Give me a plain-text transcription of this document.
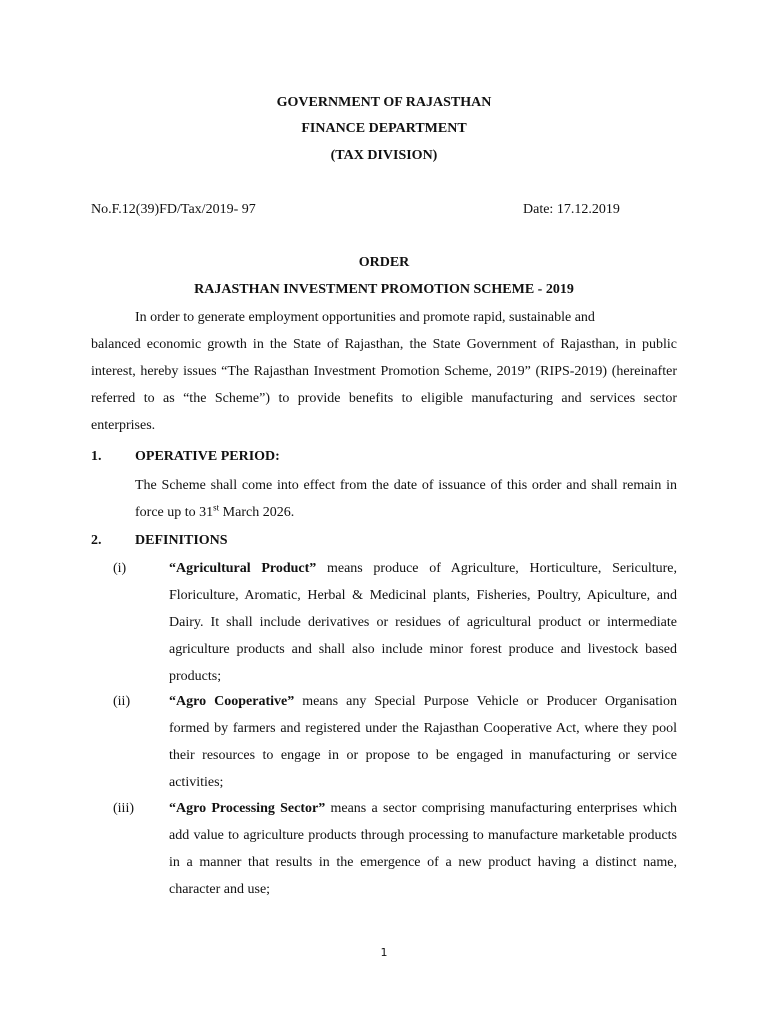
GOVERNMENT OF RAJASTHAN
FINANCE DEPARTMENT
(TAX DIVISION)
No.F.12(39)FD/Tax/2019- 97	Date: 17.12.2019
ORDER
RAJASTHAN INVESTMENT PROMOTION SCHEME - 2019

In order to generate employment opportunities and promote rapid, sustainable and
balanced economic growth in the State of Rajasthan, the State Government of Rajasthan, in public interest, hereby issues “The Rajasthan Investment Promotion Scheme, 2019” (RIPS-2019) (hereinafter referred to as “the Scheme”) to provide benefits to eligible manufacturing and services sector enterprises.

1. OPERATIVE PERIOD:

The Scheme shall come into effect from the date of issuance of this order and shall remain in force up to 31st March 2026.

2. DEFINITIONS
(i)	“Agricultural Product” means produce of Agriculture, Horticulture, Sericulture, Floriculture, Aromatic, Herbal & Medicinal plants, Fisheries, Poultry, Apiculture, and Dairy. It shall include derivatives or residues of agricultural product or intermediate agriculture products and shall also include minor forest produce and livestock based products;

(ii)	“Agro Cooperative” means any Special Purpose Vehicle or Producer Organisation formed by farmers and registered under the Rajasthan Cooperative Act, where they pool their resources to engage in or propose to be engaged in manufacturing or service activities;

(iii)	“Agro Processing Sector” means a sector comprising manufacturing enterprises which add value to agriculture products through processing to manufacture marketable products in a manner that results in the emergence of a new product having a distinct name, character and use;

1
